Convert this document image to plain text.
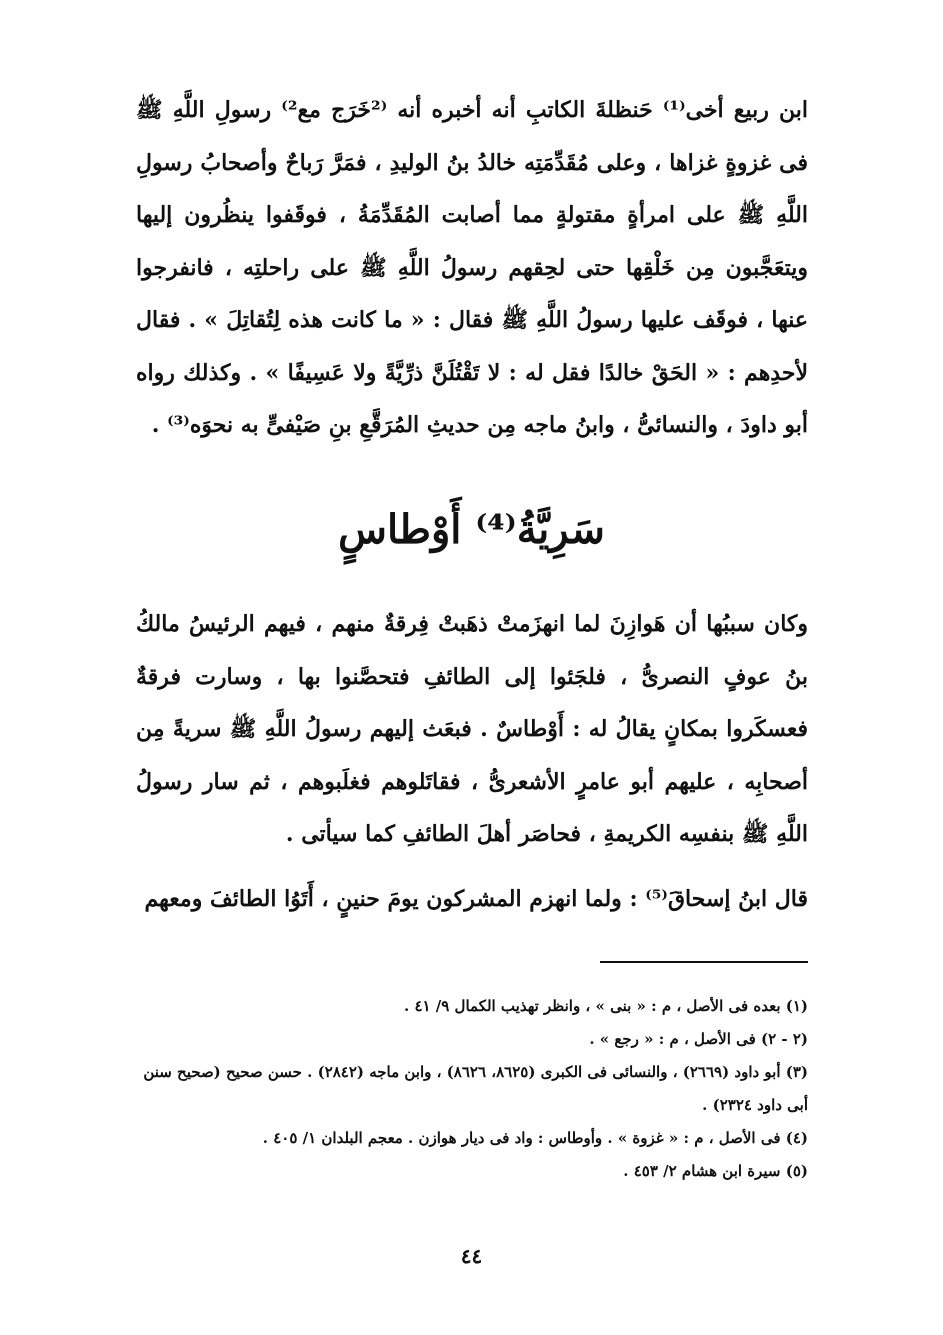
ابن ربيع أخى⁽¹⁾ حَنظلةَ الكاتبِ أنه أخبره أنه ⁽²خَرَج مع²⁾ رسولِ اللَّهِ ﷺ فى غزوةٍ غزاها ، وعلى مُقَدِّمَتِه خالدُ بنُ الوليدِ ، فمَرَّ رَباحٌ وأصحابُ رسولِ اللَّهِ ﷺ على امرأةٍ مقتولةٍ مما أصابت المُقَدِّمَةُ ، فوقَفوا ينظُرون إليها ويتعَجَّبون مِن خَلْقِها حتى لحِقهم رسولُ اللَّهِ ﷺ على راحلتِه ، فانفرجوا عنها ، فوقَف عليها رسولُ اللَّهِ ﷺ فقال : « ما كانت هذه لِتُقاتِلَ » . فقال لأحدِهم : « الحَقْ خالدًا فقل له : لا تَقْتُلَنَّ ذرِّيَّةً ولا عَسِيفًا » . وكذلك رواه أبو داودَ ، والنسائىُّ ، وابنُ ماجه مِن حديثِ المُرَقَّعِ بنِ صَيْفىٍّ به نحوَه⁽³⁾ .

سَرِيَّةُ⁽⁴⁾ أَوْطاسٍ

وكان سببُها أن هَوازِنَ لما انهزَمتْ ذهَبتْ فِرقةٌ منهم ، فيهم الرئيسُ مالكُ بنُ عوفٍ النصرىُّ ، فلجَئوا إلى الطائفِ فتحصَّنوا بها ، وسارت فرقةٌ فعسكَروا بمكانٍ يقالُ له : أَوْطاسٌ . فبعَث إليهم رسولُ اللَّهِ ﷺ سريةً مِن أصحابِه ، عليهم أبو عامرٍ الأشعرىُّ ، فقاتَلوهم فغلَبوهم ، ثم سار رسولُ اللَّهِ ﷺ بنفسِه الكريمةِ ، فحاصَر أهلَ الطائفِ كما سيأتى .

قال ابنُ إسحاقَ⁽⁵⁾ : ولما انهزم المشركون يومَ حنينٍ ، أَتَوُا الطائفَ ومعهم

(١) بعده فى الأصل ، م : « بنى » ، وانظر تهذيب الكمال ٩/ ٤١ .

(٢ - ٢) فى الأصل ، م : « رجع » .

(٣) أبو داود (٢٦٦٩) ، والنسائى فى الكبرى (٨٦٢٥، ٨٦٢٦) ، وابن ماجه (٢٨٤٢) . حسن صحيح (صحيح سنن أبى داود ٢٣٢٤) .

(٤) فى الأصل ، م : « غزوة » . وأوطاس : واد فى ديار هوازن . معجم البلدان ١/ ٤٠٥ .

(٥) سيرة ابن هشام ٢/ ٤٥٣ .

٤٤
